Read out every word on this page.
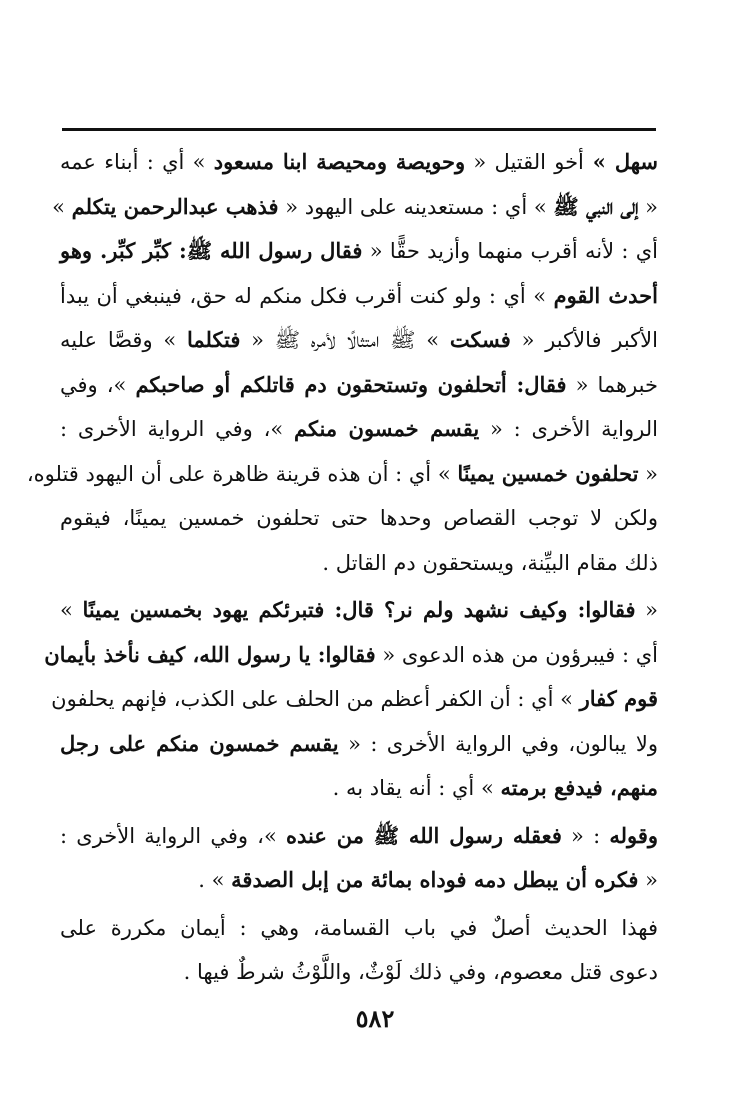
سهل » أخو القتيل « وحويصة ومحيصة ابنا مسعود » أي : أبناء عمه
« إلى النبي ﷺ » أي : مستعدينه على اليهود « فذهب عبدالرحمن يتكلم »
أي : لأنه أقرب منهما وأزيد حقًّا « فقال رسول الله ﷺ: كبِّر كبِّر. وهو
أحدث القوم » أي : ولو كنت أقرب فكل منكم له حق، فينبغي أن يبدأ
الأكبر فالأكبر « فسكت » ﷺ امتثالًا لأمره ﷺ « فتكلما » وقصَّا عليه
خبرهما « فقال: أتحلفون وتستحقون دم قاتلكم أو صاحبكم »، وفي
الرواية الأخرى : « يقسم خمسون منكم »، وفي الرواية الأخرى :
« تحلفون خمسين يمينًا » أي : أن هذه قرينة ظاهرة على أن اليهود قتلوه،
ولكن لا توجب القصاص وحدها حتى تحلفون خمسين يمينًا، فيقوم
ذلك مقام البيِّنة، ويستحقون دم القاتل .
« فقالوا: وكيف نشهد ولم نر؟ قال: فتبرئكم يهود بخمسين يمينًا »
أي : فيبرؤون من هذه الدعوى « فقالوا: يا رسول الله، كيف نأخذ بأيمان
قوم كفار » أي : أن الكفر أعظم من الحلف على الكذب، فإنهم يحلفون
ولا يبالون، وفي الرواية الأخرى : « يقسم خمسون منكم على رجل
منهم، فيدفع برمته » أي : أنه يقاد به .
وقوله : « فعقله رسول الله ﷺ من عنده »، وفي الرواية الأخرى :
« فكره أن يبطل دمه فوداه بمائة من إبل الصدقة » .
فهذا الحديث أصلٌ في باب القسامة، وهي : أيمان مكررة على
دعوى قتل معصوم، وفي ذلك لَوْثٌ، واللَّوْثُ شرطٌ فيها .
٥٨٢
